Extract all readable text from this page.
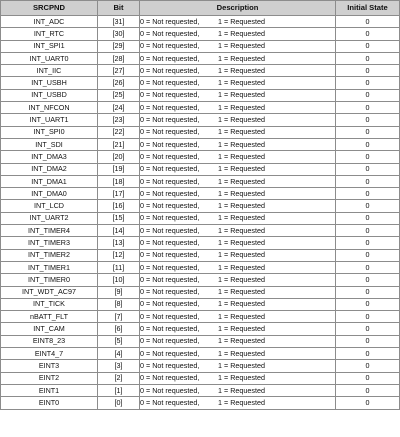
SRCPND	Bit	Description	Initial State
INT_ADC	[31]	0 = Not requested, 1 = Requested	0
INT_RTC	[30]	0 = Not requested, 1 = Requested	0
INT_SPI1	[29]	0 = Not requested, 1 = Requested	0
INT_UART0	[28]	0 = Not requested, 1 = Requested	0
INT_IIC	[27]	0 = Not requested, 1 = Requested	0
INT_USBH	[26]	0 = Not requested, 1 = Requested	0
INT_USBD	[25]	0 = Not requested, 1 = Requested	0
INT_NFCON	[24]	0 = Not requested, 1 = Requested	0
INT_UART1	[23]	0 = Not requested, 1 = Requested	0
INT_SPI0	[22]	0 = Not requested, 1 = Requested	0
INT_SDI	[21]	0 = Not requested, 1 = Requested	0
INT_DMA3	[20]	0 = Not requested, 1 = Requested	0
INT_DMA2	[19]	0 = Not requested, 1 = Requested	0
INT_DMA1	[18]	0 = Not requested, 1 = Requested	0
INT_DMA0	[17]	0 = Not requested, 1 = Requested	0
INT_LCD	[16]	0 = Not requested, 1 = Requested	0
INT_UART2	[15]	0 = Not requested, 1 = Requested	0
INT_TIMER4	[14]	0 = Not requested, 1 = Requested	0
INT_TIMER3	[13]	0 = Not requested, 1 = Requested	0
INT_TIMER2	[12]	0 = Not requested, 1 = Requested	0
INT_TIMER1	[11]	0 = Not requested, 1 = Requested	0
INT_TIMER0	[10]	0 = Not requested, 1 = Requested	0
INT_WDT_AC97	[9]	0 = Not requested, 1 = Requested	0
INT_TICK	[8]	0 = Not requested, 1 = Requested	0
nBATT_FLT	[7]	0 = Not requested, 1 = Requested	0
INT_CAM	[6]	0 = Not requested, 1 = Requested	0
EINT8_23	[5]	0 = Not requested, 1 = Requested	0
EINT4_7	[4]	0 = Not requested, 1 = Requested	0
EINT3	[3]	0 = Not requested, 1 = Requested	0
EINT2	[2]	0 = Not requested, 1 = Requested	0
EINT1	[1]	0 = Not requested, 1 = Requested	0
EINT0	[0]	0 = Not requested, 1 = Requested	0
